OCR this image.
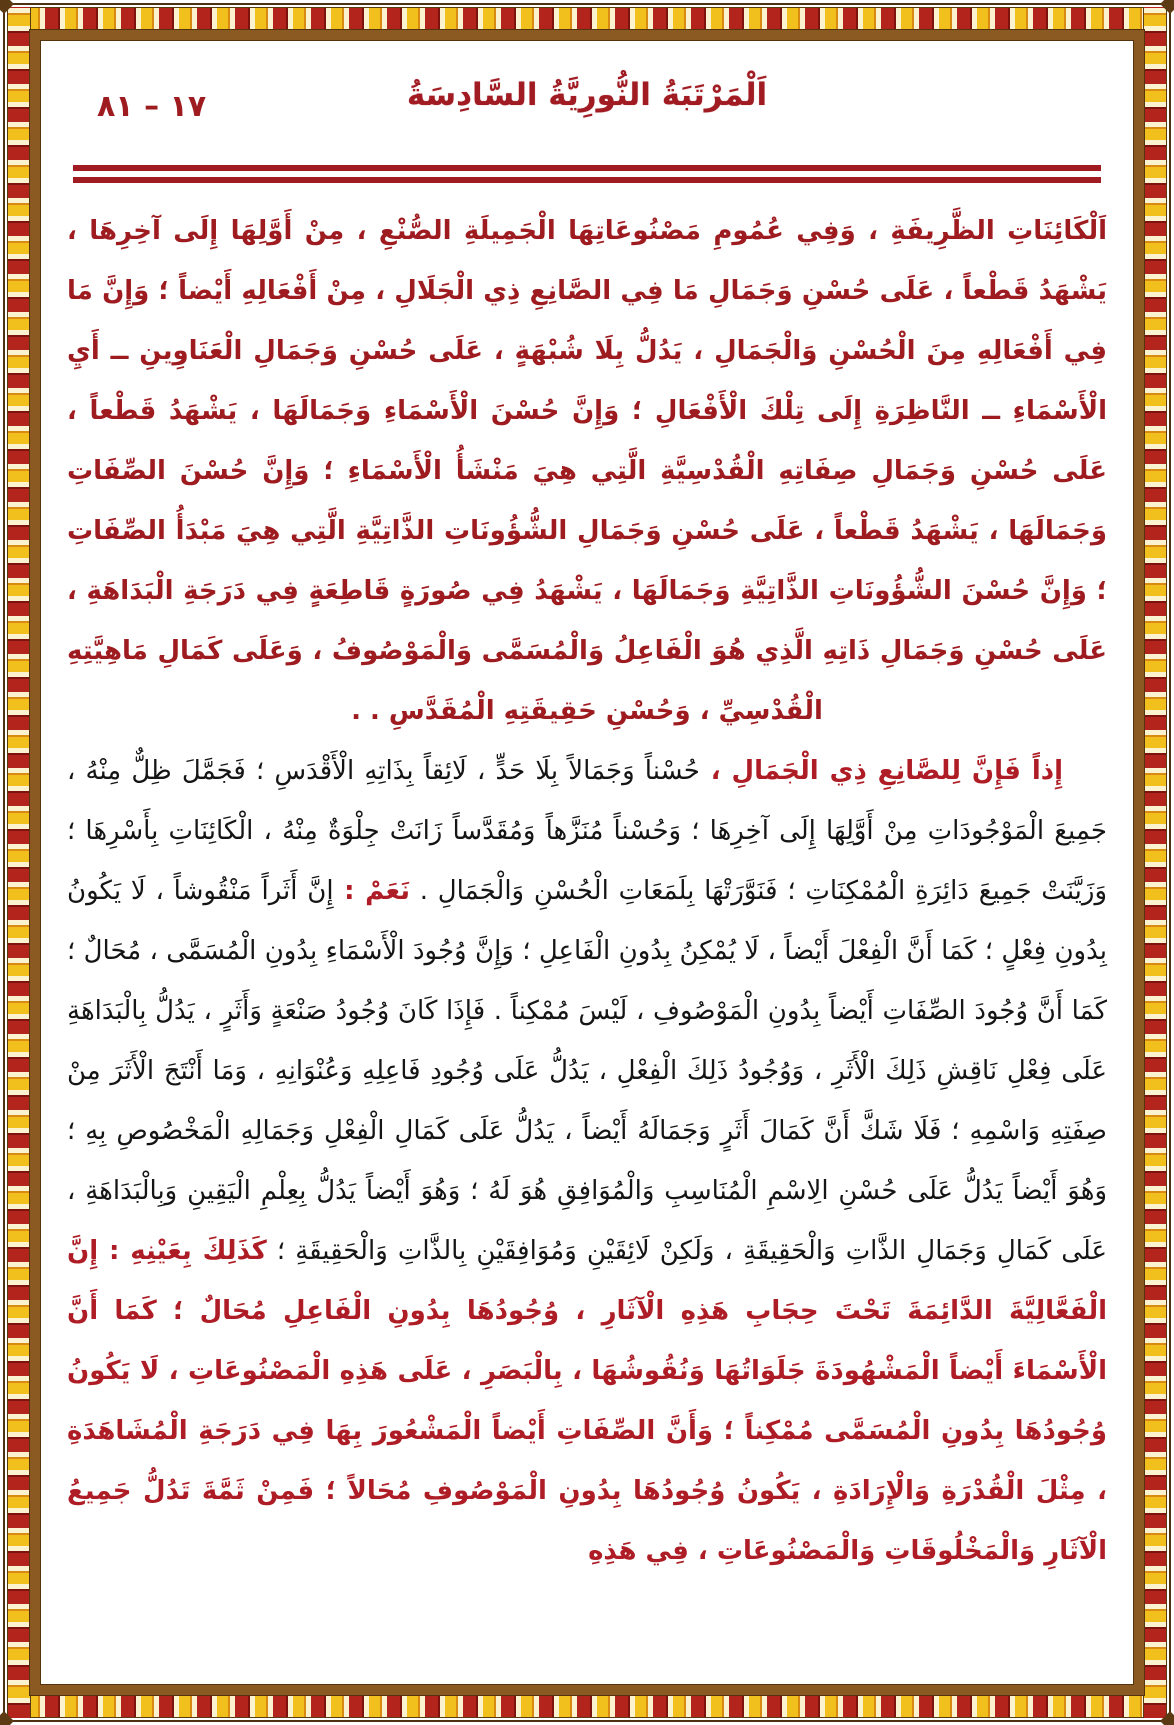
١٧ – ٨١	اَلْمَرْتَبَةُ النُّورِيَّةُ السَّادِسَةُ

اَلْكَائِنَاتِ الظَّرِيفَةِ ، وَفِي عُمُومِ مَصْنُوعَاتِهَا الْجَمِيلَةِ الصُّنْعِ ، مِنْ أَوَّلِهَا إِلَى آخِرِهَا ، يَشْهَدُ قَطْعاً ، عَلَى حُسْنِ وَجَمَالِ مَا فِي الصَّانِعِ ذِي الْجَلَالِ ، مِنْ أَفْعَالِهِ أَيْضاً ؛ وَإِنَّ مَا فِي أَفْعَالِهِ مِنَ الْحُسْنِ وَالْجَمَالِ ، يَدُلُّ بِلَا شُبْهَةٍ ، عَلَى حُسْنِ وَجَمَالِ الْعَنَاوِينِ ــ أَيِ الْأَسْمَاءِ ــ النَّاظِرَةِ إِلَى تِلْكَ الْأَفْعَالِ ؛ وَإِنَّ حُسْنَ الْأَسْمَاءِ وَجَمَالَهَا ، يَشْهَدُ قَطْعاً ، عَلَى حُسْنِ وَجَمَالِ صِفَاتِهِ الْقُدْسِيَّةِ الَّتِي هِيَ مَنْشَأُ الْأَسْمَاءِ ؛ وَإِنَّ حُسْنَ الصِّفَاتِ وَجَمَالَهَا ، يَشْهَدُ قَطْعاً ، عَلَى حُسْنِ وَجَمَالِ الشُّؤُونَاتِ الذَّاتِيَّةِ الَّتِي هِيَ مَبْدَأُ الصِّفَاتِ ؛ وَإِنَّ حُسْنَ الشُّؤُونَاتِ الذَّاتِيَّةِ وَجَمَالَهَا ، يَشْهَدُ فِي صُورَةٍ قَاطِعَةٍ فِي دَرَجَةِ الْبَدَاهَةِ ، عَلَى حُسْنِ وَجَمَالِ ذَاتِهِ الَّذِي هُوَ الْفَاعِلُ وَالْمُسَمَّى وَالْمَوْصُوفُ ، وَعَلَى كَمَالِ مَاهِيَّتِهِ الْقُدْسِيِّ ، وَحُسْنِ حَقِيقَتِهِ الْمُقَدَّسِ . .

إِذاً فَإِنَّ لِلصَّانِعِ ذِي الْجَمَالِ ، حُسْناً وَجَمَالاً بِلَا حَدٍّ ، لَائِقاً بِذَاتِهِ الْأَقْدَسِ ؛ فَجَمَّلَ ظِلٌّ مِنْهُ ، جَمِيعَ الْمَوْجُودَاتِ مِنْ أَوَّلِهَا إِلَى آخِرِهَا ؛ وَحُسْناً مُنَزَّهاً وَمُقَدَّساً زَانَتْ جِلْوَةٌ مِنْهُ ، الْكَائِنَاتِ بِأَسْرِهَا ؛ وَزَيَّنَتْ جَمِيعَ دَائِرَةِ الْمُمْكِنَاتِ ؛ فَنَوَّرَتْهَا بِلَمَعَاتِ الْحُسْنِ وَالْجَمَالِ . نَعَمْ : إِنَّ أَثَراً مَنْقُوشاً ، لَا يَكُونُ بِدُونِ فِعْلٍ ؛ كَمَا أَنَّ الْفِعْلَ أَيْضاً ، لَا يُمْكِنُ بِدُونِ الْفَاعِلِ ؛ وَإِنَّ وُجُودَ الْأَسْمَاءِ بِدُونِ الْمُسَمَّى ، مُحَالٌ ؛ كَمَا أَنَّ وُجُودَ الصِّفَاتِ أَيْضاً بِدُونِ الْمَوْصُوفِ ، لَيْسَ مُمْكِناً . فَإِذَا كَانَ وُجُودُ صَنْعَةٍ وَأَثَرٍ ، يَدُلُّ بِالْبَدَاهَةِ عَلَى فِعْلِ نَاقِشِ ذَلِكَ الْأَثَرِ ، وَوُجُودُ ذَلِكَ الْفِعْلِ ، يَدُلُّ عَلَى وُجُودِ فَاعِلِهِ وَعُنْوَانِهِ ، وَمَا أَنْتَجَ الْأَثَرَ مِنْ صِفَتِهِ وَاسْمِهِ ؛ فَلَا شَكَّ أَنَّ كَمَالَ أَثَرٍ وَجَمَالَهُ أَيْضاً ، يَدُلُّ عَلَى كَمَالِ الْفِعْلِ وَجَمَالِهِ الْمَخْصُوصِ بِهِ ؛ وَهُوَ أَيْضاً يَدُلُّ عَلَى حُسْنِ الِاسْمِ الْمُنَاسِبِ وَالْمُوَافِقِ هُوَ لَهُ ؛ وَهُوَ أَيْضاً يَدُلُّ بِعِلْمِ الْيَقِينِ وَبِالْبَدَاهَةِ ، عَلَى كَمَالِ وَجَمَالِ الذَّاتِ وَالْحَقِيقَةِ ، وَلَكِنْ لَائِقَيْنِ وَمُوَافِقَيْنِ بِالذَّاتِ وَالْحَقِيقَةِ ؛ كَذَلِكَ بِعَيْنِهِ : إِنَّ الْفَعَّالِيَّةَ الدَّائِمَةَ تَحْتَ حِجَابِ هَذِهِ الْآثَارِ ، وُجُودُهَا بِدُونِ الْفَاعِلِ مُحَالٌ ؛ كَمَا أَنَّ الْأَسْمَاءَ أَيْضاً الْمَشْهُودَةَ جَلَوَاتُهَا وَنُقُوشُهَا ، بِالْبَصَرِ ، عَلَى هَذِهِ الْمَصْنُوعَاتِ ، لَا يَكُونُ وُجُودُهَا بِدُونِ الْمُسَمَّى مُمْكِناً ؛ وَأَنَّ الصِّفَاتِ أَيْضاً الْمَشْعُورَ بِهَا فِي دَرَجَةِ الْمُشَاهَدَةِ ، مِثْلَ الْقُدْرَةِ وَالْإِرَادَةِ ، يَكُونُ وُجُودُهَا بِدُونِ الْمَوْصُوفِ مُحَالاً ؛ فَمِنْ ثَمَّةَ تَدُلُّ جَمِيعُ الْآثَارِ وَالْمَخْلُوقَاتِ وَالْمَصْنُوعَاتِ ، فِي هَذِهِ
